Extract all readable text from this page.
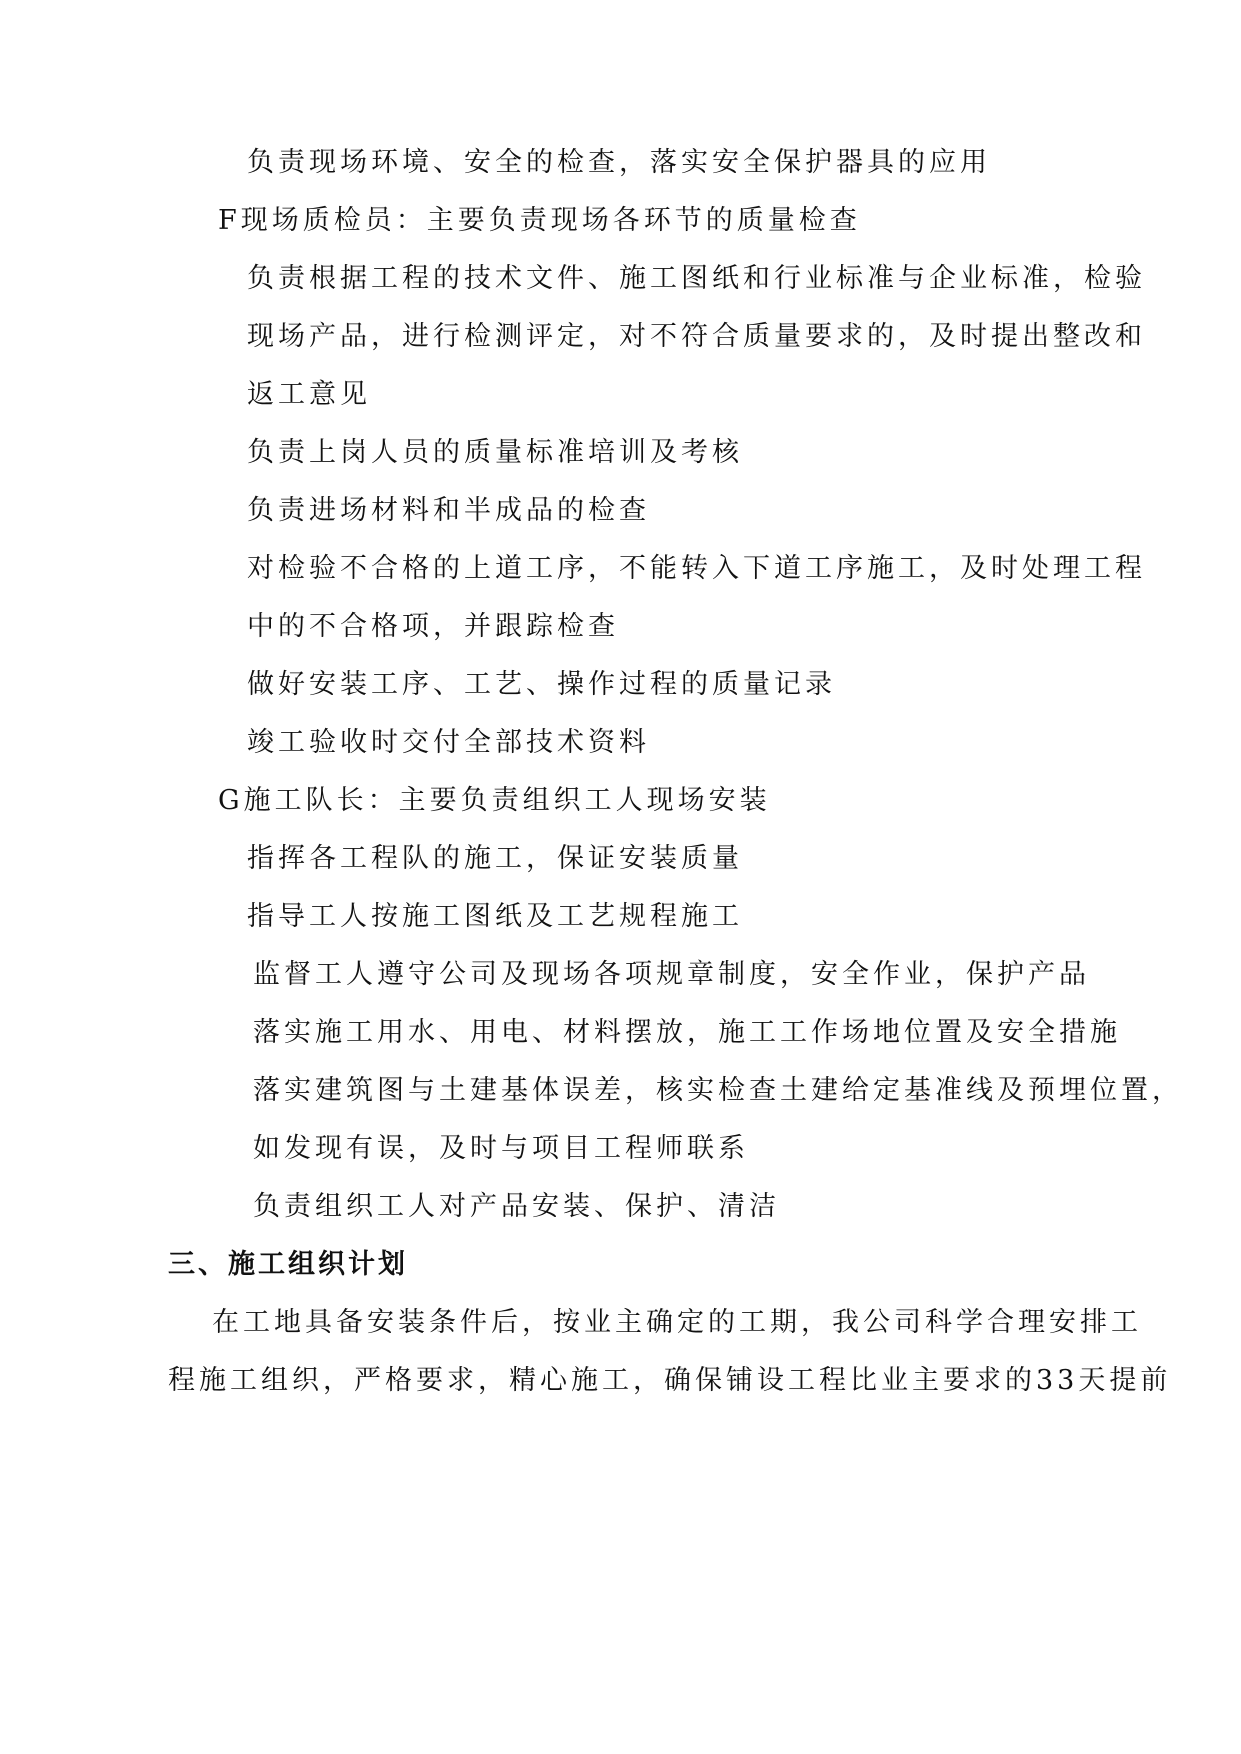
负责现场环境、安全的检查，落实安全保护器具的应用
F现场质检员：主要负责现场各环节的质量检查
负责根据工程的技术文件、施工图纸和行业标准与企业标准，检验
现场产品，进行检测评定，对不符合质量要求的，及时提出整改和
返工意见
负责上岗人员的质量标准培训及考核
负责进场材料和半成品的检查
对检验不合格的上道工序，不能转入下道工序施工，及时处理工程
中的不合格项，并跟踪检查
做好安装工序、工艺、操作过程的质量记录
竣工验收时交付全部技术资料
G施工队长：主要负责组织工人现场安装
指挥各工程队的施工，保证安装质量
指导工人按施工图纸及工艺规程施工
监督工人遵守公司及现场各项规章制度，安全作业，保护产品
落实施工用水、用电、材料摆放，施工工作场地位置及安全措施
落实建筑图与土建基体误差，核实检查土建给定基准线及预埋位置，
如发现有误，及时与项目工程师联系
负责组织工人对产品安装、保护、清洁
三、施工组织计划
在工地具备安装条件后，按业主确定的工期，我公司科学合理安排工
程施工组织，严格要求，精心施工，确保铺设工程比业主要求的33天提前
